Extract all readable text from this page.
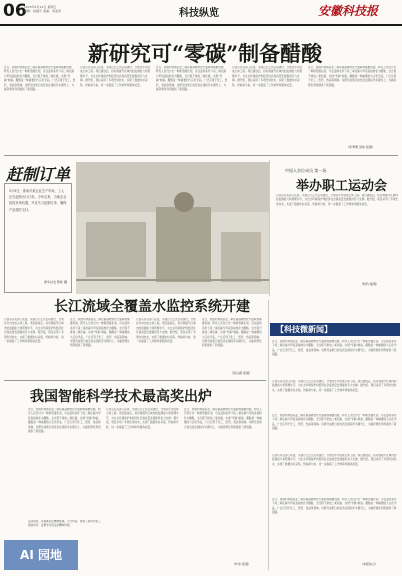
06
2023年5月12日 星期五
编辑：杨瑞平 美编：刘亚莉	科技纵览	安徽科技报
新研究可“零碳”制备醋酸
近日，我国科研团队在二氧化碳高效转化方面取得重要进展，研究人员设计出一种新型催化剂，可在温和条件下将二氧化碳与甲烷直接转化为醋酸，全过程不排放二氧化碳，实现“零碳”制备。醋酸是一种重要的大宗化学品，广泛应用于化工、医药、食品等领域。该研究成果日前发表在国际学术期刊上，为碳资源化利用提供了新思路。
记者从有关部门获悉，该项目已正式启动建设，计划在年内完成主体工程。项目建成后，将有效提升区域内的监测能力和管理水平，为生态环境保护和经济社会高质量发展提供有力支撑。据介绍，项目采用了多项先进技术，实现了数据实时采集、传输和分析，进一步提高了工作效率和服务质量。
近日，我国科研团队在二氧化碳高效转化方面取得重要进展，研究人员设计出一种新型催化剂，可在温和条件下将二氧化碳与甲烷直接转化为醋酸，全过程不排放二氧化碳，实现“零碳”制备。醋酸是一种重要的大宗化学品，广泛应用于化工、医药、食品等领域。该研究成果日前发表在国际学术期刊上，为碳资源化利用提供了新思路。
记者从有关部门获悉，该项目已正式启动建设，计划在年内完成主体工程。项目建成后，将有效提升区域内的监测能力和管理水平，为生态环境保护和经济社会高质量发展提供有力支撑。据介绍，项目采用了多项先进技术，实现了数据实时采集、传输和分析，进一步提高了工作效率和服务质量。
近日，我国科研团队在二氧化碳高效转化方面取得重要进展，研究人员设计出一种新型催化剂，可在温和条件下将二氧化碳与甲烷直接转化为醋酸，全过程不排放二氧化碳，实现“零碳”制备。醋酸是一种重要的大宗化学品，广泛应用于化工、医药、食品等领域。该研究成果日前发表在国际学术期刊上，为碳资源化利用提供了新思路。
（李秀明 吴炜 报道）
赶制订单
5月9日，淮南市某企业生产车间，工人正在赶制出口订单。今年以来，当地企业抢抓市场机遇，开足马力赶制订单，确保产品按时交付。
新华社发 陈彬 摄
中国人首位成员 第一场
举办职工运动会
记者从有关部门获悉，该项目已正式启动建设，计划在年内完成主体工程。项目建成后，将有效提升区域内的监测能力和管理水平，为生态环境保护和经济社会高质量发展提供有力支撑。据介绍，项目采用了多项先进技术，实现了数据实时采集、传输和分析，进一步提高了工作效率和服务质量。
（特约 陆明）
长江流域全覆盖水监控系统开建
记者从有关部门获悉，该项目已正式启动建设，计划在年内完成主体工程。项目建成后，将有效提升区域内的监测能力和管理水平，为生态环境保护和经济社会高质量发展提供有力支撑。据介绍，项目采用了多项先进技术，实现了数据实时采集、传输和分析，进一步提高了工作效率和服务质量。
近日，我国科研团队在二氧化碳高效转化方面取得重要进展，研究人员设计出一种新型催化剂，可在温和条件下将二氧化碳与甲烷直接转化为醋酸，全过程不排放二氧化碳，实现“零碳”制备。醋酸是一种重要的大宗化学品，广泛应用于化工、医药、食品等领域。该研究成果日前发表在国际学术期刊上，为碳资源化利用提供了新思路。
记者从有关部门获悉，该项目已正式启动建设，计划在年内完成主体工程。项目建成后，将有效提升区域内的监测能力和管理水平，为生态环境保护和经济社会高质量发展提供有力支撑。据介绍，项目采用了多项先进技术，实现了数据实时采集、传输和分析，进一步提高了工作效率和服务质量。
近日，我国科研团队在二氧化碳高效转化方面取得重要进展，研究人员设计出一种新型催化剂，可在温和条件下将二氧化碳与甲烷直接转化为醋酸，全过程不排放二氧化碳，实现“零碳”制备。醋酸是一种重要的大宗化学品，广泛应用于化工、医药、食品等领域。该研究成果日前发表在国际学术期刊上，为碳资源化利用提供了新思路。
（吴兴春 报道）
我国智能科学技术最高奖出炉
近日，我国科研团队在二氧化碳高效转化方面取得重要进展，研究人员设计出一种新型催化剂，可在温和条件下将二氧化碳与甲烷直接转化为醋酸，全过程不排放二氧化碳，实现“零碳”制备。醋酸是一种重要的大宗化学品，广泛应用于化工、医药、食品等领域。该研究成果日前发表在国际学术期刊上，为碳资源化利用提供了新思路。
记者从有关部门获悉，该项目已正式启动建设，计划在年内完成主体工程。项目建成后，将有效提升区域内的监测能力和管理水平，为生态环境保护和经济社会高质量发展提供有力支撑。据介绍，项目采用了多项先进技术，实现了数据实时采集、传输和分析，进一步提高了工作效率和服务质量。
近日，我国科研团队在二氧化碳高效转化方面取得重要进展，研究人员设计出一种新型催化剂，可在温和条件下将二氧化碳与甲烷直接转化为醋酸，全过程不排放二氧化碳，实现“零碳”制备。醋酸是一种重要的大宗化学品，广泛应用于化工、医药、食品等领域。该研究成果日前发表在国际学术期刊上，为碳资源化利用提供了新思路。
（叶伟 报道）
活动现场，各参赛队伍精神饱满、斗志昂扬，展现了新时代职工团结协作、奋勇争先的良好精神风貌。
AI 园地
【科技微新闻】
近日，我国科研团队在二氧化碳高效转化方面取得重要进展，研究人员设计出一种新型催化剂，可在温和条件下将二氧化碳与甲烷直接转化为醋酸，全过程不排放二氧化碳，实现“零碳”制备。醋酸是一种重要的大宗化学品，广泛应用于化工、医药、食品等领域。该研究成果日前发表在国际学术期刊上，为碳资源化利用提供了新思路。
记者从有关部门获悉，该项目已正式启动建设，计划在年内完成主体工程。项目建成后，将有效提升区域内的监测能力和管理水平，为生态环境保护和经济社会高质量发展提供有力支撑。据介绍，项目采用了多项先进技术，实现了数据实时采集、传输和分析，进一步提高了工作效率和服务质量。
近日，我国科研团队在二氧化碳高效转化方面取得重要进展，研究人员设计出一种新型催化剂，可在温和条件下将二氧化碳与甲烷直接转化为醋酸，全过程不排放二氧化碳，实现“零碳”制备。醋酸是一种重要的大宗化学品，广泛应用于化工、医药、食品等领域。该研究成果日前发表在国际学术期刊上，为碳资源化利用提供了新思路。
记者从有关部门获悉，该项目已正式启动建设，计划在年内完成主体工程。项目建成后，将有效提升区域内的监测能力和管理水平，为生态环境保护和经济社会高质量发展提供有力支撑。据介绍，项目采用了多项先进技术，实现了数据实时采集、传输和分析，进一步提高了工作效率和服务质量。
近日，我国科研团队在二氧化碳高效转化方面取得重要进展，研究人员设计出一种新型催化剂，可在温和条件下将二氧化碳与甲烷直接转化为醋酸，全过程不排放二氧化碳，实现“零碳”制备。醋酸是一种重要的大宗化学品，广泛应用于化工、医药、食品等领域。该研究成果日前发表在国际学术期刊上，为碳资源化利用提供了新思路。
（本报综合）
